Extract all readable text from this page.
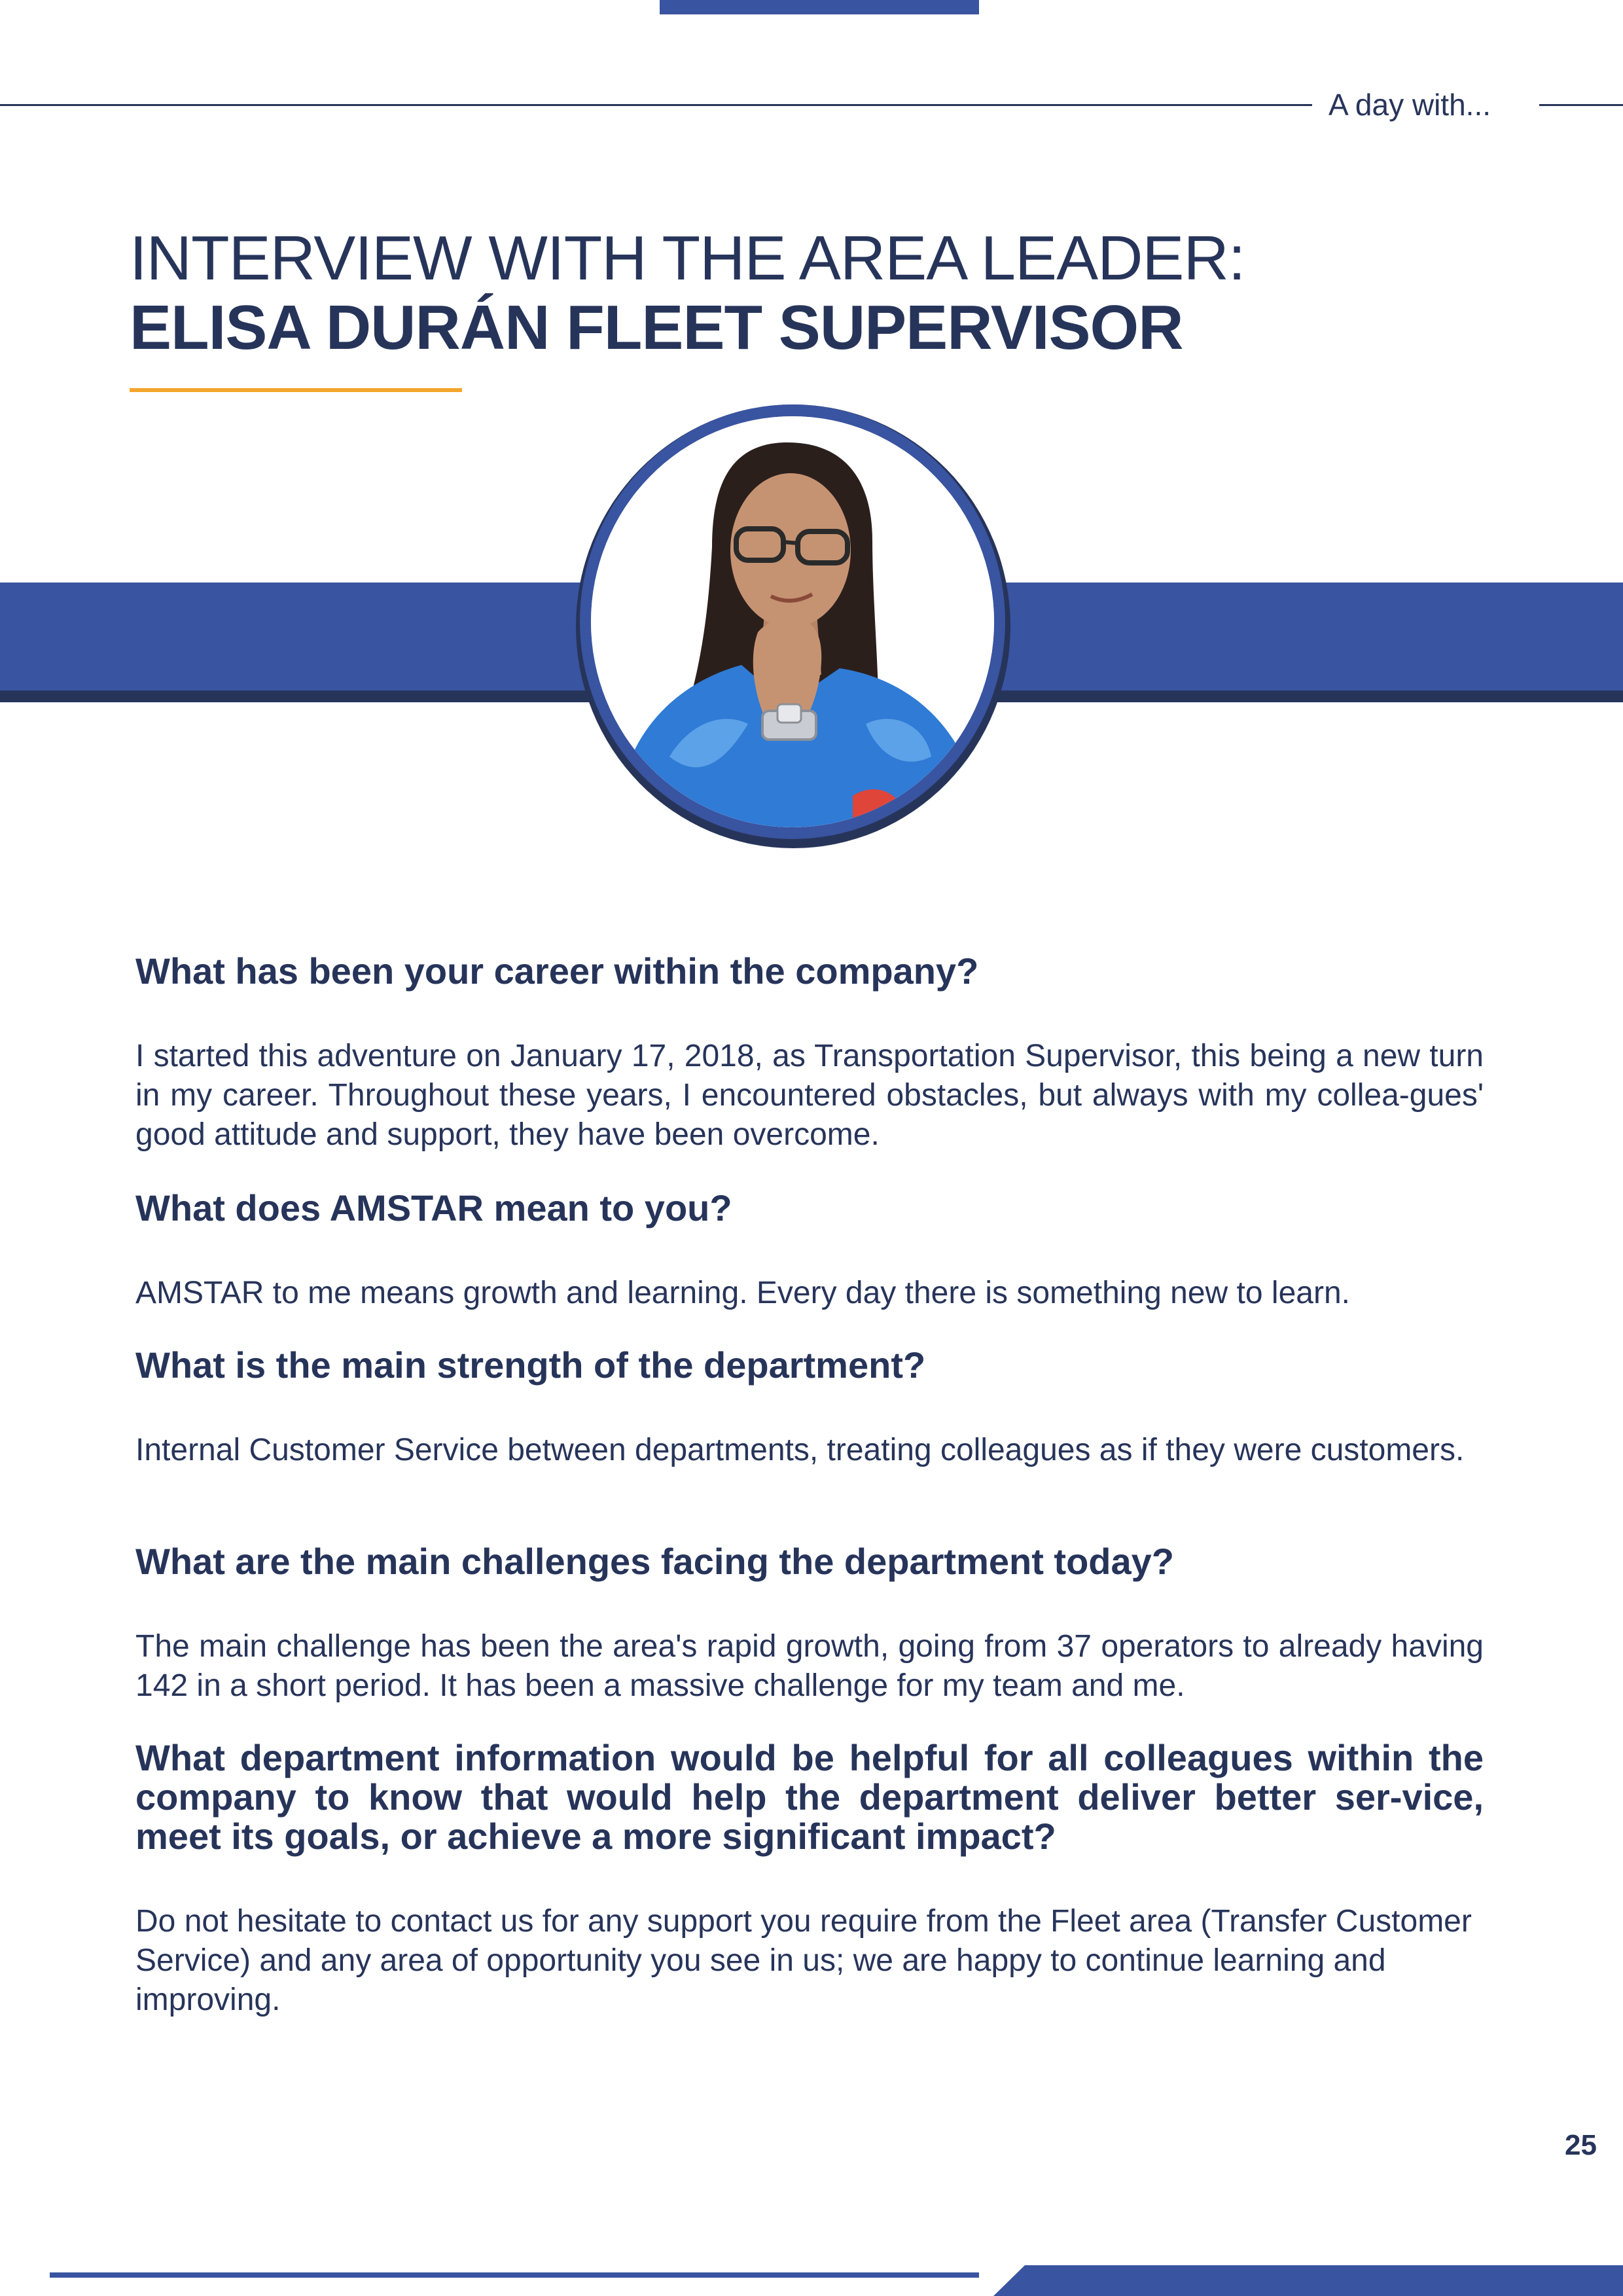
A day with...
INTERVIEW WITH THE AREA LEADER:
ELISA DURÁN FLEET SUPERVISOR
What has been your career within the company?
I started this adventure on January 17, 2018, as Transportation Supervisor, this being a new turn in my career. Throughout these years, I encountered obstacles, but always with my collea-gues' good attitude and support, they have been overcome.
What does AMSTAR mean to you?
AMSTAR to me means growth and learning. Every day there is something new to learn.
What is the main strength of the department?
Internal Customer Service between departments, treating colleagues as if they were customers.
What are the main challenges facing the department today?
The main challenge has been the area's rapid growth, going from 37 operators to already having 142 in a short period. It has been a massive challenge for my team and me.
What department information would be helpful for all colleagues within the company to know that would help the department deliver better ser-vice, meet its goals, or achieve a more significant impact?
Do not hesitate to contact us for any support you require from the Fleet area (Transfer Customer Service) and any area of opportunity you see in us; we are happy to continue learning and improving.
25
